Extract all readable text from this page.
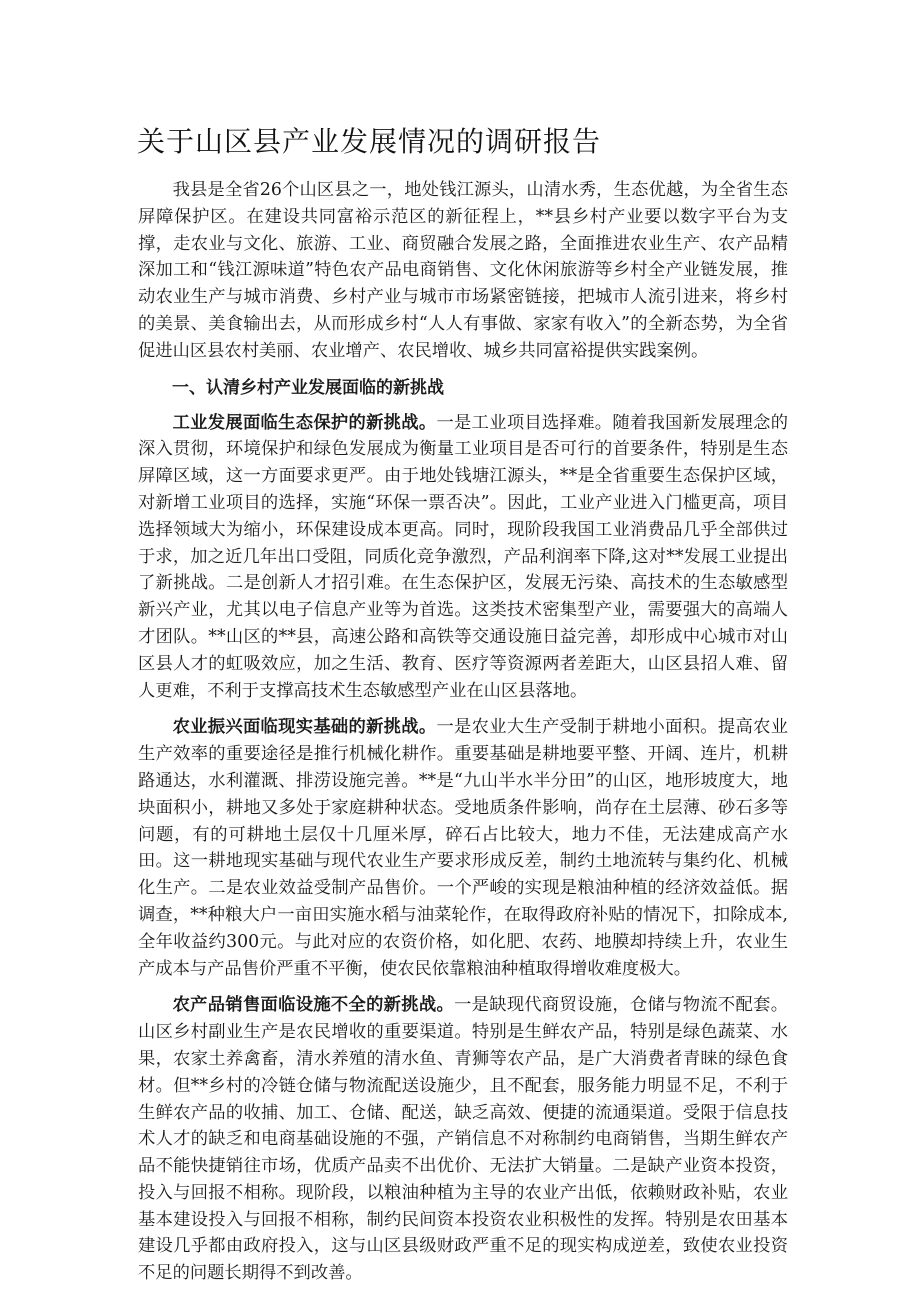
关于山区县产业发展情况的调研报告

我县是全省26个山区县之一，地处钱江源头，山清水秀，生态优越，为全省生态屏障保护区。在建设共同富裕示范区的新征程上，**县乡村产业要以数字平台为支撑，走农业与文化、旅游、工业、商贸融合发展之路，全面推进农业生产、农产品精深加工和“钱江源味道”特色农产品电商销售、文化休闲旅游等乡村全产业链发展，推动农业生产与城市消费、乡村产业与城市市场紧密链接，把城市人流引进来，将乡村的美景、美食输出去，从而形成乡村“人人有事做、家家有收入”的全新态势，为全省促进山区县农村美丽、农业增产、农民增收、城乡共同富裕提供实践案例。

一、认清乡村产业发展面临的新挑战

工业发展面临生态保护的新挑战。一是工业项目选择难。随着我国新发展理念的深入贯彻，环境保护和绿色发展成为衡量工业项目是否可行的首要条件，特别是生态屏障区域，这一方面要求更严。由于地处钱塘江源头，**是全省重要生态保护区域，对新增工业项目的选择，实施“环保一票否决”。因此，工业产业进入门槛更高，项目选择领域大为缩小，环保建设成本更高。同时，现阶段我国工业消费品几乎全部供过于求，加之近几年出口受阻，同质化竞争激烈，产品利润率下降,这对**发展工业提出了新挑战。二是创新人才招引难。在生态保护区，发展无污染、高技术的生态敏感型新兴产业，尤其以电子信息产业等为首选。这类技术密集型产业，需要强大的高端人才团队。**山区的**县，高速公路和高铁等交通设施日益完善，却形成中心城市对山区县人才的虹吸效应，加之生活、教育、医疗等资源两者差距大，山区县招人难、留人更难，不利于支撑高技术生态敏感型产业在山区县落地。

农业振兴面临现实基础的新挑战。一是农业大生产受制于耕地小面积。提高农业生产效率的重要途径是推行机械化耕作。重要基础是耕地要平整、开阔、连片，机耕路通达，水利灌溉、排涝设施完善。**是“九山半水半分田”的山区，地形坡度大，地块面积小，耕地又多处于家庭耕种状态。受地质条件影响，尚存在土层薄、砂石多等问题，有的可耕地土层仅十几厘米厚，碎石占比较大，地力不佳，无法建成高产水田。这一耕地现实基础与现代农业生产要求形成反差，制约土地流转与集约化、机械化生产。二是农业效益受制产品售价。一个严峻的实现是粮油种植的经济效益低。据调查，**种粮大户一亩田实施水稻与油菜轮作，在取得政府补贴的情况下，扣除成本,全年收益约300元。与此对应的农资价格，如化肥、农药、地膜却持续上升，农业生产成本与产品售价严重不平衡，使农民依靠粮油种植取得增收难度极大。

农产品销售面临设施不全的新挑战。一是缺现代商贸设施，仓储与物流不配套。山区乡村副业生产是农民增收的重要渠道。特别是生鲜农产品，特别是绿色蔬菜、水果，农家土养禽畜，清水养殖的清水鱼、青狮等农产品，是广大消费者青睐的绿色食材。但**乡村的冷链仓储与物流配送设施少，且不配套，服务能力明显不足，不利于生鲜农产品的收捕、加工、仓储、配送，缺乏高效、便捷的流通渠道。受限于信息技术人才的缺乏和电商基础设施的不强，产销信息不对称制约电商销售，当期生鲜农产品不能快捷销往市场，优质产品卖不出优价、无法扩大销量。二是缺产业资本投资，投入与回报不相称。现阶段，以粮油种植为主导的农业产出低，依赖财政补贴，农业基本建设投入与回报不相称，制约民间资本投资农业积极性的发挥。特别是农田基本建设几乎都由政府投入，这与山区县级财政严重不足的现实构成逆差，致使农业投资不足的问题长期得不到改善。
